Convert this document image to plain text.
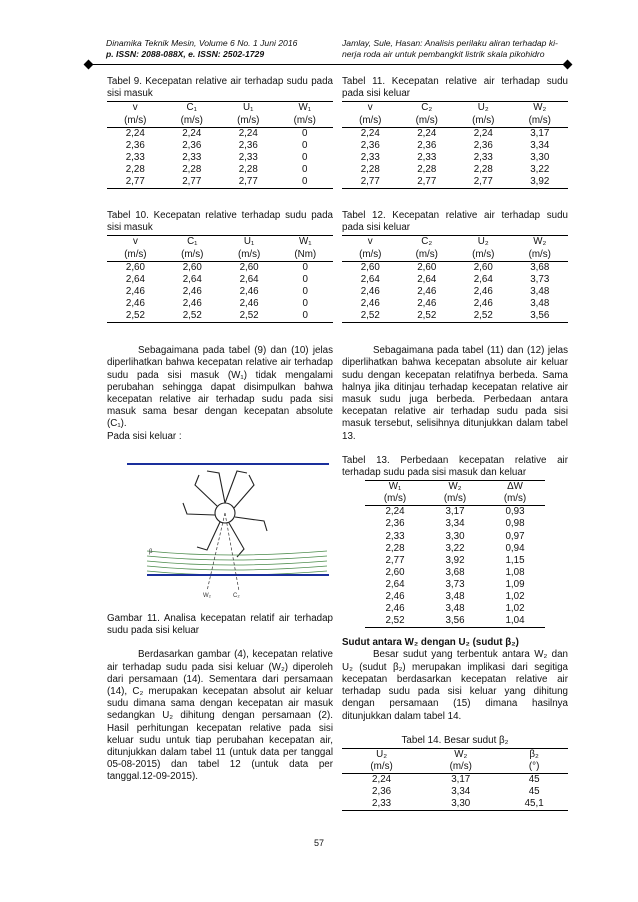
Dinamika Teknik Mesin, Volume 6 No. 1 Juni 2016
p. ISSN: 2088-088X, e. ISSN: 2502-1729
Jamlay, Sule, Hasan: Analisis perilaku aliran terhadap ki-
nerja roda air untuk pembangkit listrik skala pikohidro

Tabel 9. Kecepatan relative air terhadap sudu pada sisi masuk

v	C₁	U₁	W₁
(m/s)	(m/s)	(m/s)	(m/s)
2,24	2,24	2,24	0
2,36	2,36	2,36	0
2,33	2,33	2,33	0
2,28	2,28	2,28	0
2,77	2,77	2,77	0

Tabel 10. Kecepatan relative terhadap sudu pada sisi masuk

v	C₁	U₁	W₁
(m/s)	(m/s)	(m/s)	(Nm)
2,60	2,60	2,60	0
2,64	2,64	2,64	0
2,46	2,46	2,46	0
2,46	2,46	2,46	0
2,52	2,52	2,52	0

Sebagaimana pada tabel (9) dan (10) jelas diperlihatkan bahwa kecepatan relative air terhadap sudu pada sisi masuk (W₁) tidak mengalami perubahan sehingga dapat disimpulkan bahwa kecepatan relative air terhadap sudu pada sisi masuk sama besar dengan kecepatan absolute (C₁).

Pada sisi keluar :

W₂	C₂
β

Gambar 11. Analisa kecepatan relatif air terhadap sudu pada sisi keluar

Berdasarkan gambar (4), kecepatan relative air terhadap sudu pada sisi keluar (W₂) diperoleh dari persamaan (14). Sementara dari persamaan (14), C₂ merupakan kecepatan absolut air keluar sudu dimana sama dengan kecepatan air masuk sedangkan U₂ dihitung dengan persamaan (2). Hasil perhitungan kecepatan relative pada sisi keluar sudu untuk tiap perubahan kecepatan air, ditunjukkan dalam tabel 11 (untuk data per tanggal 05-08-2015) dan tabel 12 (untuk data per tanggal.12-09-2015).

Tabel 11. Kecepatan relative air terhadap sudu pada sisi keluar

v	C₂	U₂	W₂
(m/s)	(m/s)	(m/s)	(m/s)
2,24	2,24	2,24	3,17
2,36	2,36	2,36	3,34
2,33	2,33	2,33	3,30
2,28	2,28	2,28	3,22
2,77	2,77	2,77	3,92

Tabel 12. Kecepatan relative air terhadap sudu pada sisi keluar

v	C₂	U₂	W₂
(m/s)	(m/s)	(m/s)	(m/s)
2,60	2,60	2,60	3,68
2,64	2,64	2,64	3,73
2,46	2,46	2,46	3,48
2,46	2,46	2,46	3,48
2,52	2,52	2,52	3,56

Sebagaimana pada tabel (11) dan (12) jelas diperlihatkan bahwa kecepatan absolute air keluar sudu dengan kecepatan relatifnya berbeda. Sama halnya jika ditinjau terhadap kecepatan relative air masuk sudu juga berbeda. Perbedaan antara kecepatan relative air terhadap sudu pada sisi masuk tersebut, selisihnya ditunjukkan dalam tabel 13.

Tabel 13. Perbedaan kecepatan relative air terhadap sudu pada sisi masuk dan keluar

W₁	W₂	ΔW
(m/s)	(m/s)	(m/s)
2,24	3,17	0,93
2,36	3,34	0,98
2,33	3,30	0,97
2,28	3,22	0,94
2,77	3,92	1,15
2,60	3,68	1,08
2,64	3,73	1,09
2,46	3,48	1,02
2,46	3,48	1,02
2,52	3,56	1,04

Sudut antara W₂ dengan U₂ (sudut β₂)

Besar sudut yang terbentuk antara W₂ dan U₂ (sudut β₂) merupakan implikasi dari segitiga kecepatan berdasarkan kecepatan relative air terhadap sudu pada sisi keluar yang dihitung dengan persamaan (15) dimana hasilnya ditunjukkan dalam tabel 14.

Tabel 14. Besar sudut β₂

U₂	W₂	β₂
(m/s)	(m/s)	(°)
2,24	3,17	45
2,36	3,34	45
2,33	3,30	45,1
57
